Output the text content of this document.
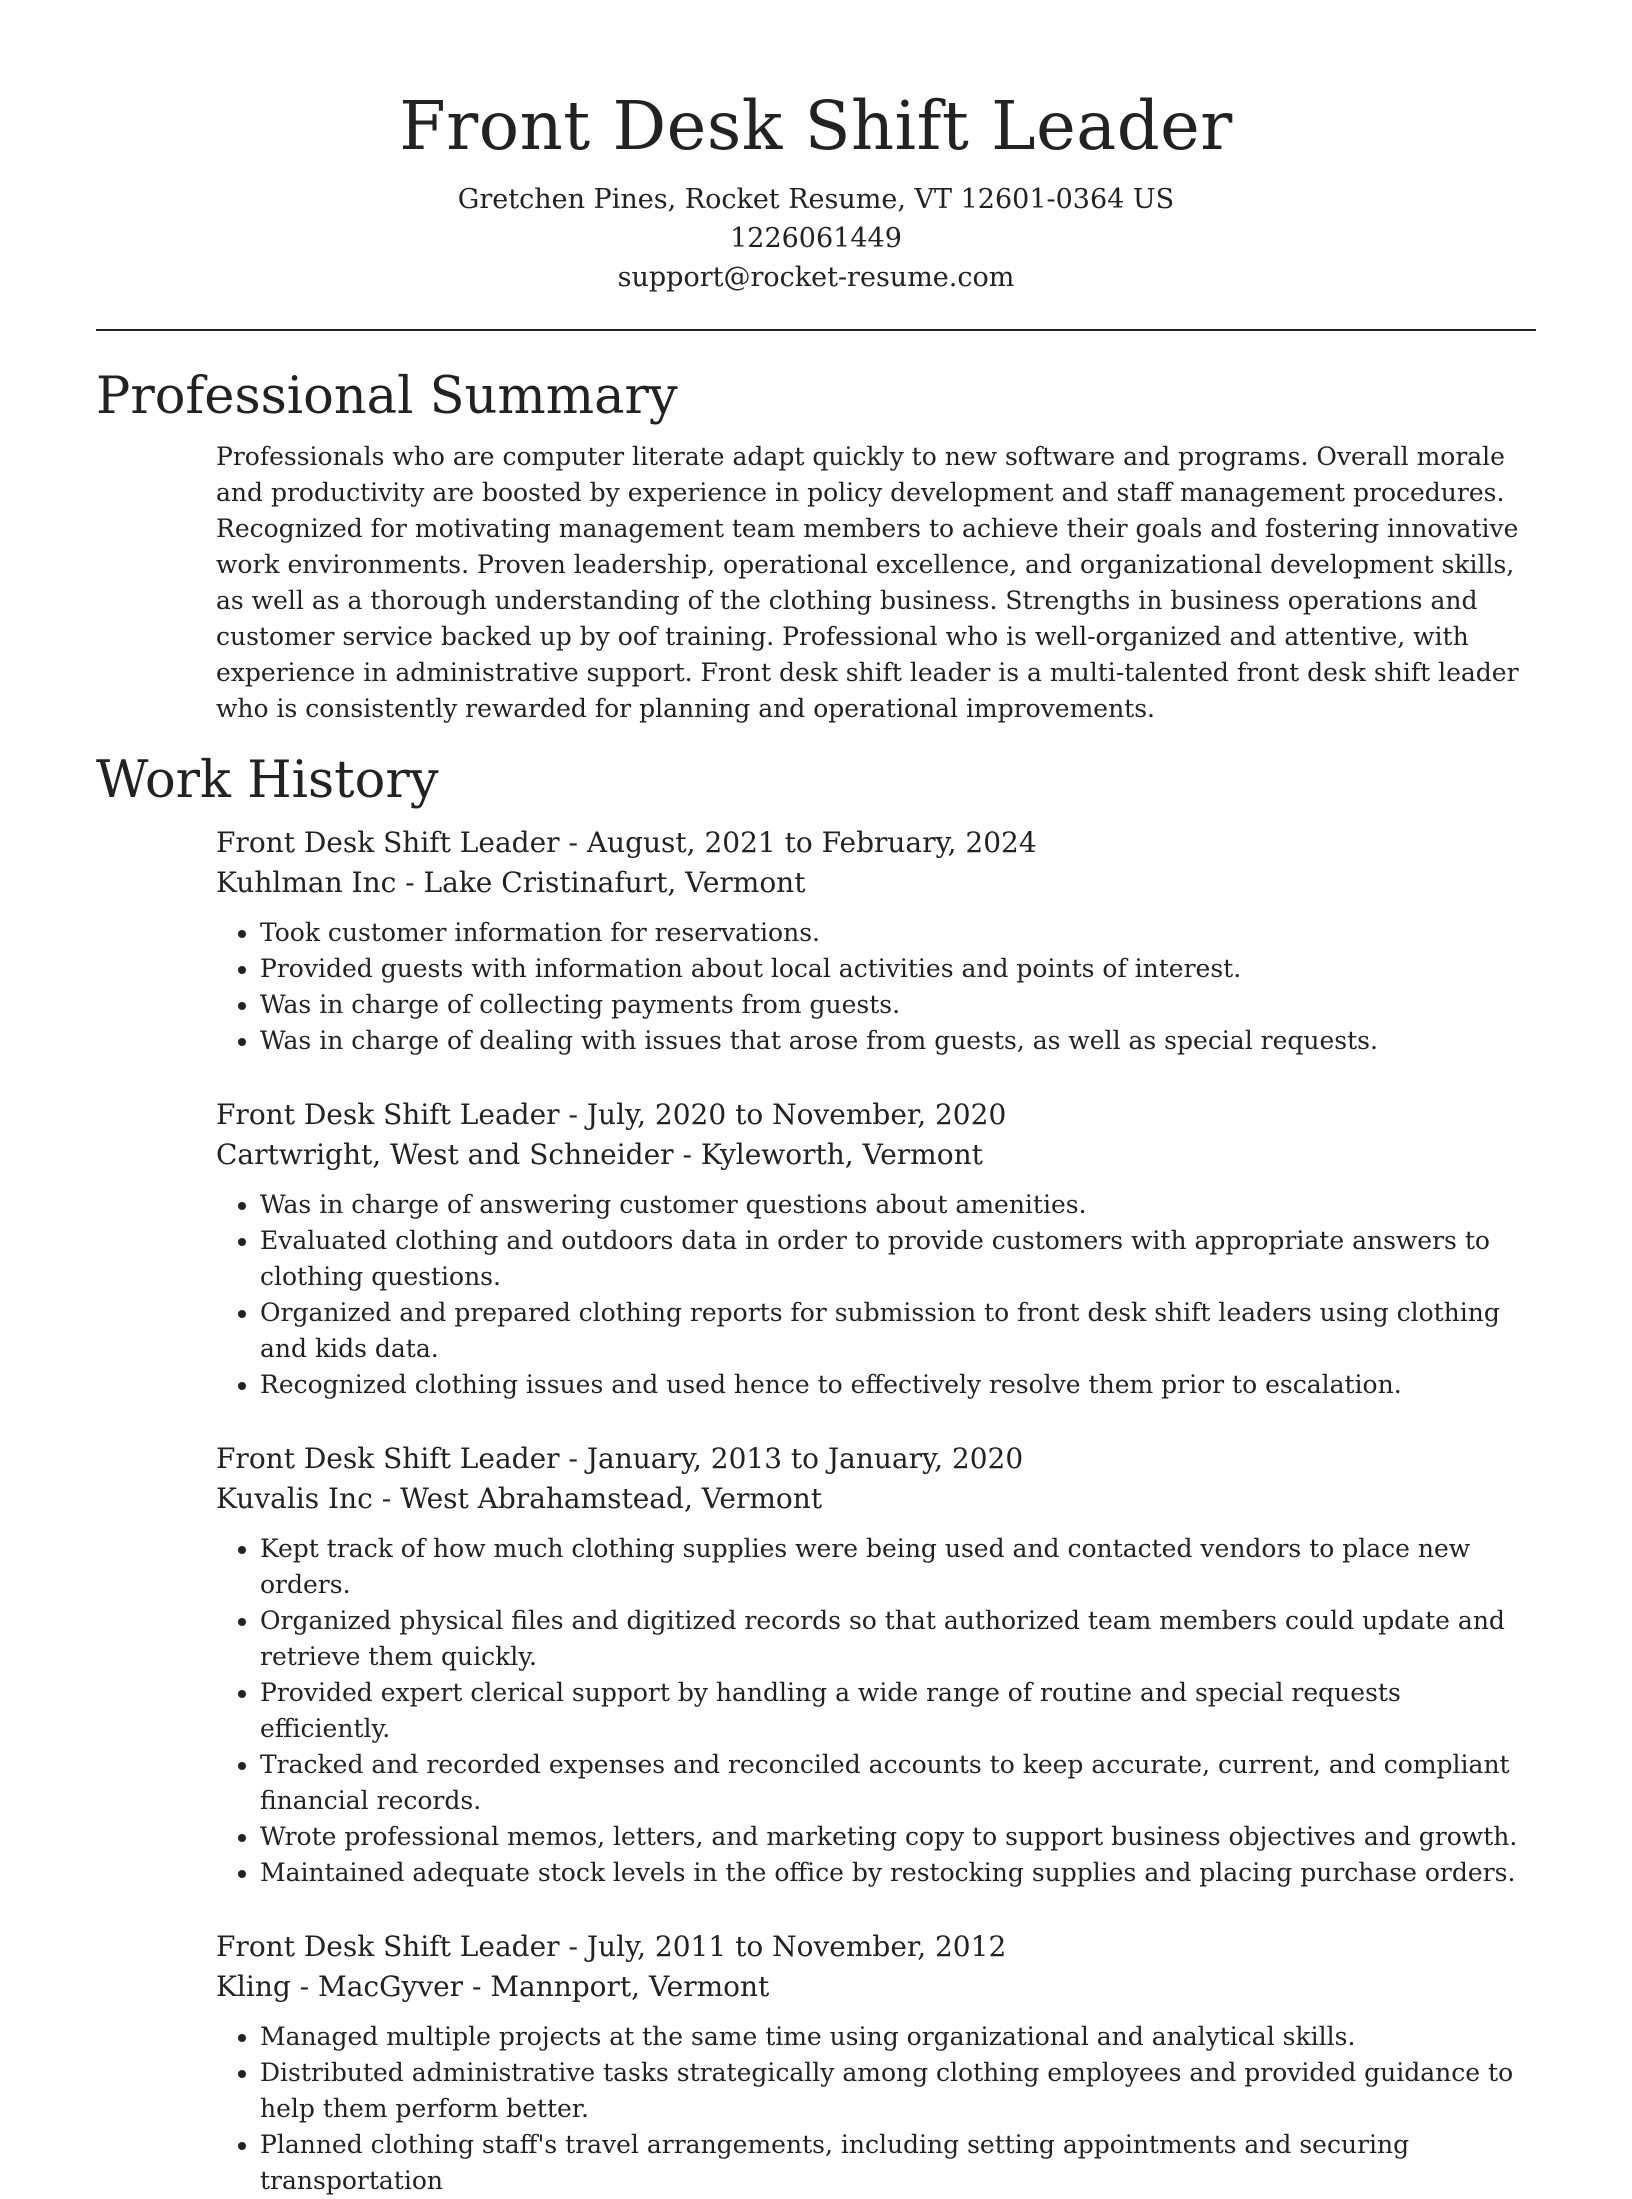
Front Desk Shift Leader

Gretchen Pines, Rocket Resume, VT 12601-0364 US

1226061449

support@rocket-resume.com

Professional Summary

Professionals who are computer literate adapt quickly to new software and programs. Overall morale and productivity are boosted by experience in policy development and staff management procedures. Recognized for motivating management team members to achieve their goals and fostering innovative work environments. Proven leadership, operational excellence, and organizational development skills, as well as a thorough understanding of the clothing business. Strengths in business operations and customer service backed up by oof training. Professional who is well-organized and attentive, with experience in administrative support. Front desk shift leader is a multi-talented front desk shift leader who is consistently rewarded for planning and operational improvements.

Work History

Front Desk Shift Leader - August, 2021 to February, 2024

Kuhlman Inc - Lake Cristinafurt, Vermont

• Took customer information for reservations.
• Provided guests with information about local activities and points of interest.
• Was in charge of collecting payments from guests.
• Was in charge of dealing with issues that arose from guests, as well as special requests.

Front Desk Shift Leader - July, 2020 to November, 2020

Cartwright, West and Schneider - Kyleworth, Vermont

• Was in charge of answering customer questions about amenities.
• Evaluated clothing and outdoors data in order to provide customers with appropriate answers to clothing questions.
• Organized and prepared clothing reports for submission to front desk shift leaders using clothing and kids data.
• Recognized clothing issues and used hence to effectively resolve them prior to escalation.

Front Desk Shift Leader - January, 2013 to January, 2020

Kuvalis Inc - West Abrahamstead, Vermont

• Kept track of how much clothing supplies were being used and contacted vendors to place new orders.
• Organized physical files and digitized records so that authorized team members could update and retrieve them quickly.
• Provided expert clerical support by handling a wide range of routine and special requests efficiently.
• Tracked and recorded expenses and reconciled accounts to keep accurate, current, and compliant financial records.
• Wrote professional memos, letters, and marketing copy to support business objectives and growth.
• Maintained adequate stock levels in the office by restocking supplies and placing purchase orders.

Front Desk Shift Leader - July, 2011 to November, 2012

Kling - MacGyver - Mannport, Vermont

• Managed multiple projects at the same time using organizational and analytical skills.
• Distributed administrative tasks strategically among clothing employees and provided guidance to help them perform better.
• Planned clothing staff's travel arrangements, including setting appointments and securing transportation
